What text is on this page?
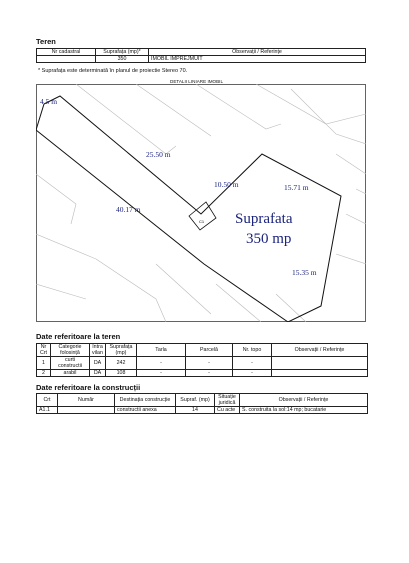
Teren
Nr cadastral	Suprafața (mp)*	Observații / Referințe
	350	IMOBIL IMPREJMUIT
* Suprafața este determinată în planul de proiectie Stereo 70.
DETALII LINIARE IMOBIL
C1
4.5 m
25.50 m
10.50 m	15.71 m
40.17 m
15.35 m
Suprafata
350 mp
Date referitoare la teren
Nr Crt	Categorie folosință	Intra vilan	Suprafața (mp)	Tarla	Parcelă	Nr. topo	Observații / Referințe
1	curti constructii	DA	242	-	-	-	
2	arabil	DA	108	-	-	-	
Date referitoare la construcții
Crt	Număr	Destinația construcție	Supraf. (mp)	Situație juridică	Observații / Referințe
A1.1		constructii anexa	14	Cu acte	S. construita la sol:14 mp; bucatarie
